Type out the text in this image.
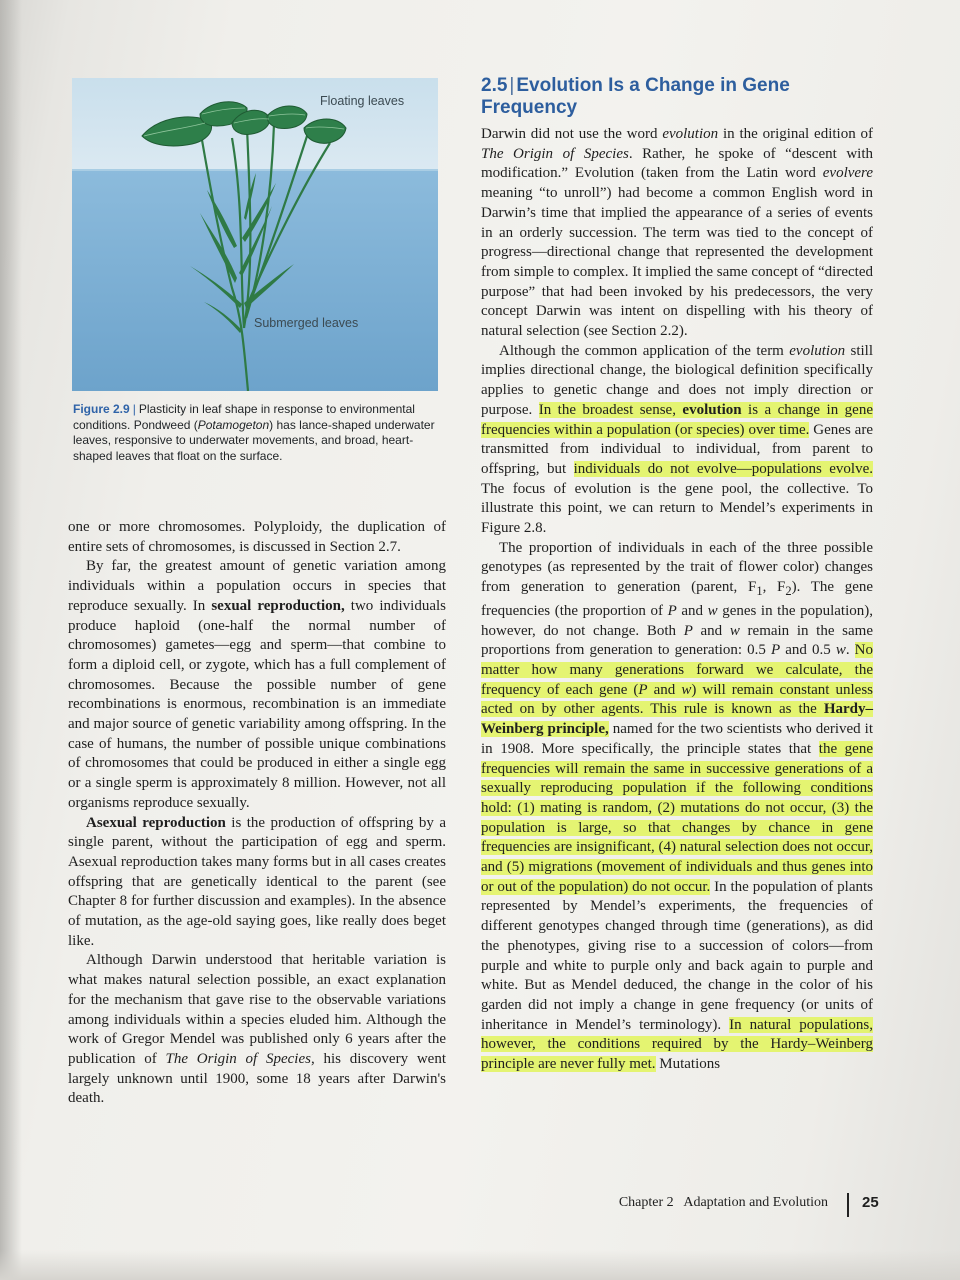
Floating leaves
Submerged leaves
Figure 2.9 | Plasticity in leaf shape in response to environmental conditions. Pondweed (Potamogeton) has lance-shaped underwater leaves, responsive to underwater movements, and broad, heart-shaped leaves that float on the surface.

one or more chromosomes. Polyploidy, the duplication of entire sets of chromosomes, is discussed in Section 2.7.

By far, the greatest amount of genetic variation among individuals within a population occurs in species that reproduce sexually. In sexual reproduction, two individuals produce haploid (one-half the normal number of chromosomes) gametes—egg and sperm—that combine to form a diploid cell, or zygote, which has a full complement of chromosomes. Because the possible number of gene recombinations is enormous, recombination is an immediate and major source of genetic variability among offspring. In the case of humans, the number of possible unique combinations of chromosomes that could be produced in either a single egg or a single sperm is approximately 8 million. However, not all organisms reproduce sexually.

Asexual reproduction is the production of offspring by a single parent, without the participation of egg and sperm. Asexual reproduction takes many forms but in all cases creates offspring that are genetically identical to the parent (see Chapter 8 for further discussion and examples). In the absence of mutation, as the age-old saying goes, like really does beget like.

Although Darwin understood that heritable variation is what makes natural selection possible, an exact explanation for the mechanism that gave rise to the observable variations among individuals within a species eluded him. Although the work of Gregor Mendel was published only 6 years after the publication of The Origin of Species, his discovery went largely unknown until 1900, some 18 years after Darwin's death.

2.5 | Evolution Is a Change in Gene Frequency

Darwin did not use the word evolution in the original edition of The Origin of Species. Rather, he spoke of “descent with modification.” Evolution (taken from the Latin word evolvere meaning “to unroll”) had become a common English word in Darwin’s time that implied the appearance of a series of events in an orderly succession. The term was tied to the concept of progress—directional change that represented the development from simple to complex. It implied the same concept of “directed purpose” that had been invoked by his predecessors, the very concept Darwin was intent on dispelling with his theory of natural selection (see Section 2.2).

Although the common application of the term evolution still implies directional change, the biological definition specifically applies to genetic change and does not imply direction or purpose. In the broadest sense, evolution is a change in gene frequencies within a population (or species) over time. Genes are transmitted from individual to individual, from parent to offspring, but individuals do not evolve—populations evolve. The focus of evolution is the gene pool, the collective. To illustrate this point, we can return to Mendel’s experiments in Figure 2.8.

The proportion of individuals in each of the three possible genotypes (as represented by the trait of flower color) changes from generation to generation (parent, $F_1$, $F_2$). The gene frequencies (the proportion of P and w genes in the population), however, do not change. Both P and w remain in the same proportions from generation to generation: 0.5 P and 0.5 w. No matter how many generations forward we calculate, the frequency of each gene (P and w) will remain constant unless acted on by other agents. This rule is known as the Hardy–Weinberg principle, named for the two scientists who derived it in 1908. More specifically, the principle states that the gene frequencies will remain the same in successive generations of a sexually reproducing population if the following conditions hold: (1) mating is random, (2) mutations do not occur, (3) the population is large, so that changes by chance in gene frequencies are insignificant, (4) natural selection does not occur, and (5) migrations (movement of individuals and thus genes into or out of the population) do not occur. In the population of plants represented by Mendel’s experiments, the frequencies of different genotypes changed through time (generations), as did the phenotypes, giving rise to a succession of colors—from purple and white to purple only and back again to purple and white. But as Mendel deduced, the change in the color of his garden did not imply a change in gene frequency (or units of inheritance in Mendel’s terminology). In natural populations, however, the conditions required by the Hardy–Weinberg principle are never fully met. Mutations

Chapter 2   Adaptation and Evolution 25
